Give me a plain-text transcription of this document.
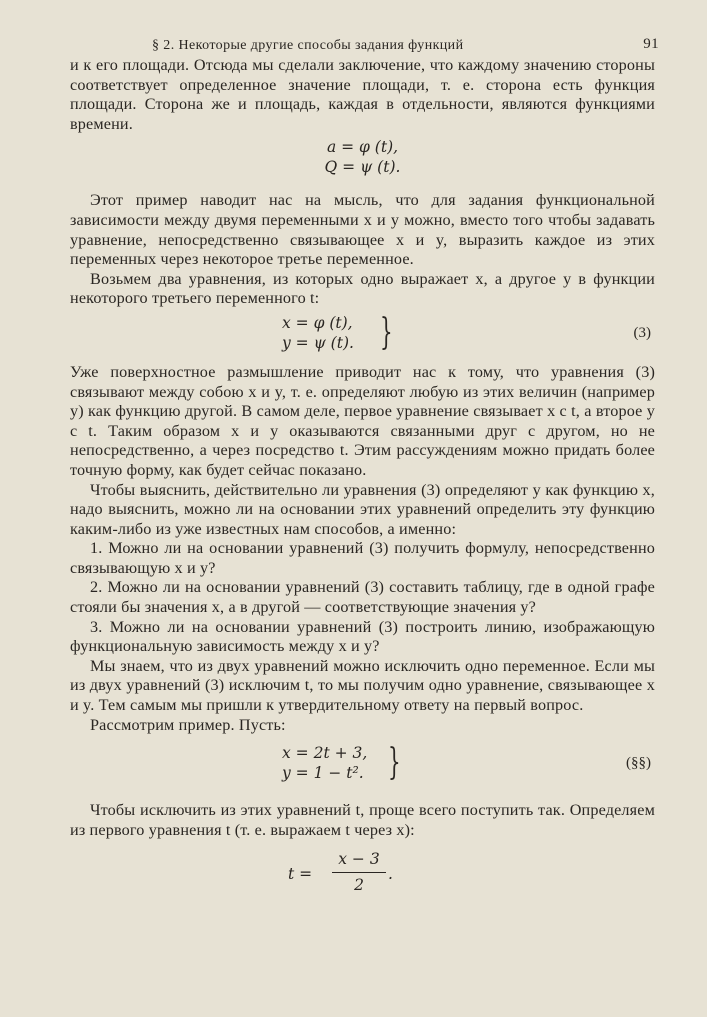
§ 2. Некоторые другие способы задания функций	91

и к его площади. Отсюда мы сделали заключение, что каждому значению стороны соответствует определенное значение площади, т. е. сторона есть функция площади. Сторона же и площадь, каждая в отдельности, являются функциями времени.

a = φ (t),
Q = ψ (t).

Этот пример наводит нас на мысль, что для задания функциональной зависимости между двумя переменными x и y можно, вместо того чтобы задавать уравнение, непосредственно связывающее x и y, выразить каждое из этих переменных через некоторое третье переменное.

Возьмем два уравнения, из которых одно выражает x, а другое y в функции некоторого третьего переменного t:

x = φ (t),
y = ψ (t). }	(3)

Уже поверхностное размышление приводит нас к тому, что уравнения (3) связывают между собою x и y, т. е. определяют любую из этих величин (например y) как функцию другой. В самом деле, первое уравнение связывает x с t, а второе y с t. Таким образом x и y оказываются связанными друг с другом, но не непосредственно, а через посредство t. Этим рассуждениям можно придать более точную форму, как будет сейчас показано.

Чтобы выяснить, действительно ли уравнения (3) определяют y как функцию x, надо выяснить, можно ли на основании этих уравнений определить эту функцию каким-либо из уже известных нам способов, а именно:

1. Можно ли на основании уравнений (3) получить формулу, непосредственно связывающую x и y?

2. Можно ли на основании уравнений (3) составить таблицу, где в одной графе стояли бы значения x, а в другой — соответствующие значения y?

3. Можно ли на основании уравнений (3) построить линию, изображающую функциональную зависимость между x и y?

Мы знаем, что из двух уравнений можно исключить одно переменное. Если мы из двух уравнений (3) исключим t, то мы получим одно уравнение, связывающее x и y. Тем самым мы пришли к утвердительному ответу на первый вопрос.

Рассмотрим пример. Пусть:

x = 2t + 3,
y = 1 − t². }	(§§)

Чтобы исключить из этих уравнений t, проще всего поступить так. Определяем из первого уравнения t (т. е. выражаем t через x):

t =
x − 3
2
.
